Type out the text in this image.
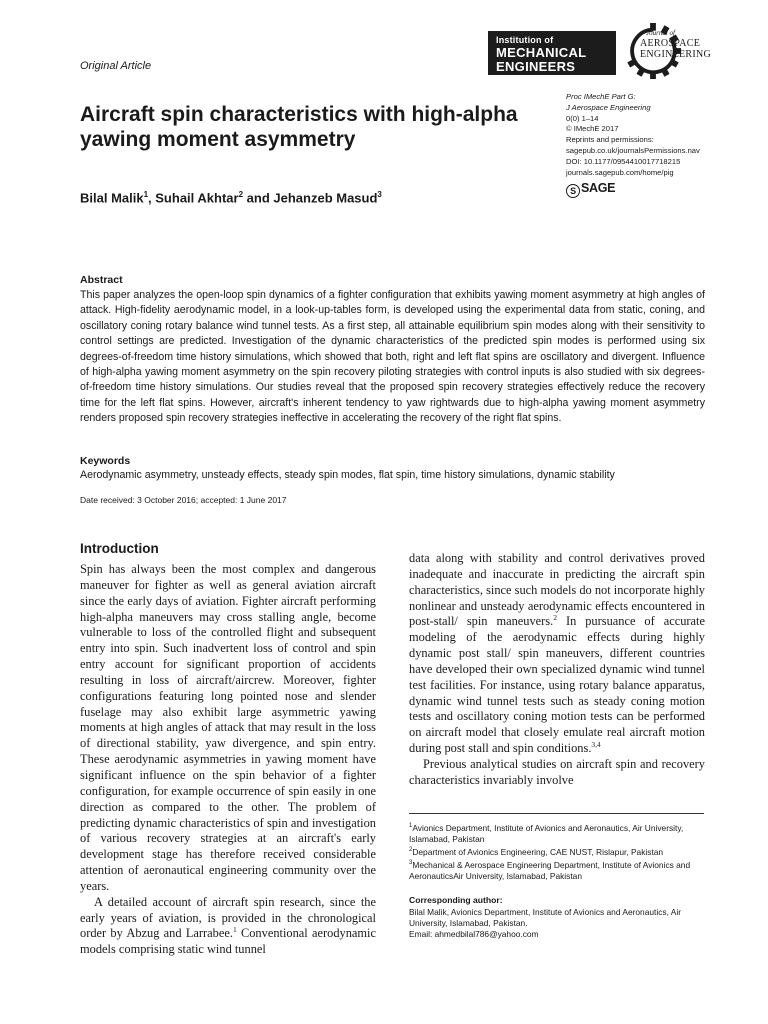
Original Article
Institution of
MECHANICAL
ENGINEERS
Journal of
AEROSPACE
ENGINEERING
Aircraft spin characteristics with high-alpha yawing moment asymmetry
Bilal Malik$^1$, Suhail Akhtar$^2$ and Jehanzeb Masud$^3$
Proc IMechE Part G:
J Aerospace Engineering
0(0) 1–14
© IMechE 2017
Reprints and permissions:
sagepub.co.uk/journalsPermissions.nav
DOI: 10.1177/0954410017718215
journals.sagepub.com/home/pig
S SAGE
Abstract

This paper analyzes the open-loop spin dynamics of a fighter configuration that exhibits yawing moment asymmetry at high angles of attack. High-fidelity aerodynamic model, in a look-up-tables form, is developed using the experimental data from static, coning, and oscillatory coning rotary balance wind tunnel tests. As a first step, all attainable equilibrium spin modes along with their sensitivity to control settings are predicted. Investigation of the dynamic characteristics of the predicted spin modes is performed using six degrees-of-freedom time history simulations, which showed that both, right and left flat spins are oscillatory and divergent. Influence of high-alpha yawing moment asymmetry on the spin recovery piloting strategies with control inputs is also studied with six degrees-of-freedom time history simulations. Our studies reveal that the proposed spin recovery strategies effectively reduce the recovery time for the left flat spins. However, aircraft's inherent tendency to yaw rightwards due to high-alpha yawing moment asymmetry renders proposed spin recovery strategies ineffective in accelerating the recovery of the right flat spins.

Keywords

Aerodynamic asymmetry, unsteady effects, steady spin modes, flat spin, time history simulations, dynamic stability

Date received: 3 October 2016; accepted: 1 June 2017
Introduction

Spin has always been the most complex and dangerous maneuver for fighter as well as general aviation aircraft since the early days of aviation. Fighter aircraft performing high-alpha maneuvers may cross stalling angle, become vulnerable to loss of the controlled flight and subsequent entry into spin. Such inadvertent loss of control and spin entry account for significant proportion of accidents resulting in loss of aircraft/aircrew. Moreover, fighter configurations featuring long pointed nose and slender fuselage may also exhibit large asymmetric yawing moments at high angles of attack that may result in the loss of directional stability, yaw divergence, and spin entry. These aerodynamic asymmetries in yawing moment have significant influence on the spin behavior of a fighter configuration, for example occurrence of spin easily in one direction as compared to the other. The problem of predicting dynamic characteristics of spin and investigation of various recovery strategies at an aircraft's early development stage has therefore received considerable attention of aeronautical engineering community over the years.

A detailed account of aircraft spin research, since the early years of aviation, is provided in the chronological order by Abzug and Larrabee.$^1$ Conventional aerodynamic models comprising static wind tunnel

data along with stability and control derivatives proved inadequate and inaccurate in predicting the aircraft spin characteristics, since such models do not incorporate highly nonlinear and unsteady aerodynamic effects encountered in post-stall/ spin maneuvers.$^2$ In pursuance of accurate modeling of the aerodynamic effects during highly dynamic post stall/ spin maneuvers, different countries have developed their own specialized dynamic wind tunnel test facilities. For instance, using rotary balance apparatus, dynamic wind tunnel tests such as steady coning motion tests and oscillatory coning motion tests can be performed on aircraft model that closely emulate real aircraft motion during post stall and spin conditions.$^{3,4}$

Previous analytical studies on aircraft spin and recovery characteristics invariably involve

$^1$Avionics Department, Institute of Avionics and Aeronautics, Air University, Islamabad, Pakistan
$^2$Department of Avionics Engineering, CAE NUST, Rislapur, Pakistan
$^3$Mechanical & Aerospace Engineering Department, Institute of Avionics and AeronauticsAir University, Islamabad, Pakistan
Corresponding author:
Bilal Malik, Avionics Department, Institute of Avionics and Aeronautics, Air University, Islamabad, Pakistan.
Email: ahmedbilal786@yahoo.com
